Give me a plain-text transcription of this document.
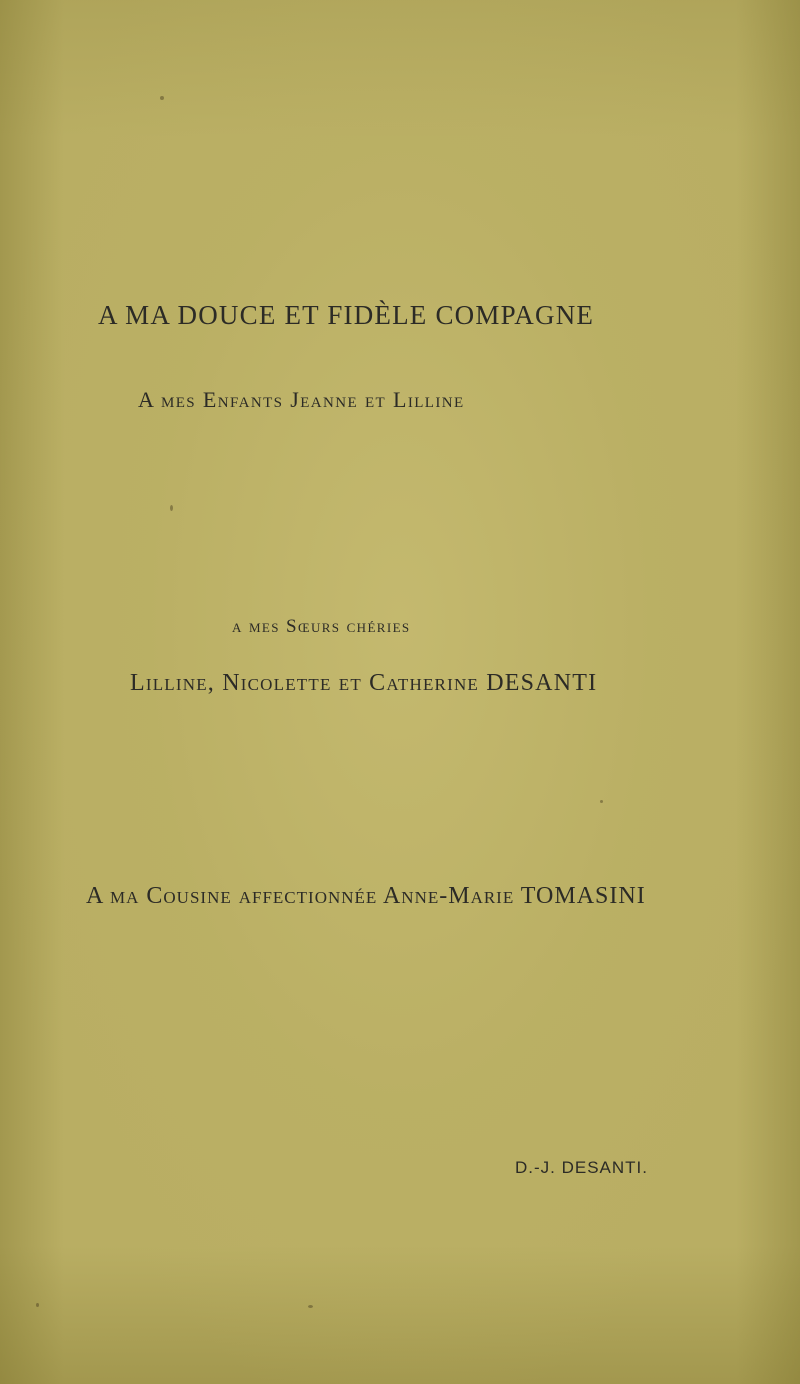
A MA DOUCE ET FIDÈLE COMPAGNE
A mes Enfants Jeanne et Lilline
a mes Sœurs chéries
Lilline, Nicolette et Catherine DESANTI
A ma Cousine affectionnée Anne-Marie TOMASINI
D.-J. DESANTI.
